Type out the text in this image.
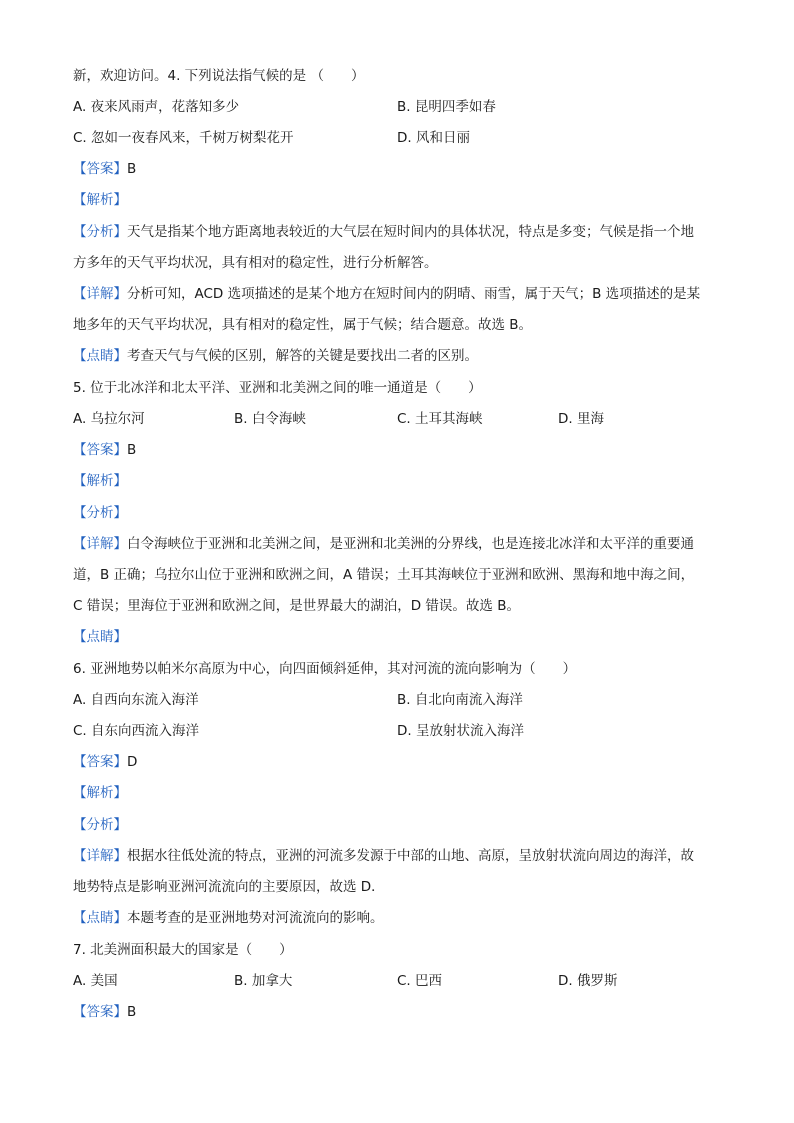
新，欢迎访问。4. 下列说法指气候的是 （　　）
A. 夜来风雨声，花落知多少	B. 昆明四季如春
C. 忽如一夜春风来，千树万树梨花开	D. 风和日丽
【答案】B
【解析】
【分析】天气是指某个地方距离地表较近的大气层在短时间内的具体状况，特点是多变；气候是指一个地
方多年的天气平均状况，具有相对的稳定性，进行分析解答。
【详解】分析可知，ACD 选项描述的是某个地方在短时间内的阴晴、雨雪，属于天气；B 选项描述的是某
地多年的天气平均状况，具有相对的稳定性，属于气候；结合题意。故选 B。
【点睛】考查天气与气候的区别，解答的关键是要找出二者的区别。
5. 位于北冰洋和北太平洋、亚洲和北美洲之间的唯一通道是（　　）
A. 乌拉尔河	B. 白令海峡	C. 土耳其海峡	D. 里海
【答案】B
【解析】
【分析】
【详解】白令海峡位于亚洲和北美洲之间，是亚洲和北美洲的分界线，也是连接北冰洋和太平洋的重要通
道，B 正确；乌拉尔山位于亚洲和欧洲之间，A 错误；土耳其海峡位于亚洲和欧洲、黑海和地中海之间，
C 错误；里海位于亚洲和欧洲之间，是世界最大的湖泊，D 错误。故选 B。
【点睛】
6. 亚洲地势以帕米尔高原为中心，向四面倾斜延伸，其对河流的流向影响为（　　）
A. 自西向东流入海洋	B. 自北向南流入海洋
C. 自东向西流入海洋	D. 呈放射状流入海洋
【答案】D
【解析】
【分析】
【详解】根据水往低处流的特点，亚洲的河流多发源于中部的山地、高原，呈放射状流向周边的海洋，故
地势特点是影响亚洲河流流向的主要原因，故选 D．
【点睛】本题考查的是亚洲地势对河流流向的影响。
7. 北美洲面积最大的国家是（　　）
A. 美国	B. 加拿大	C. 巴西	D. 俄罗斯
【答案】B
